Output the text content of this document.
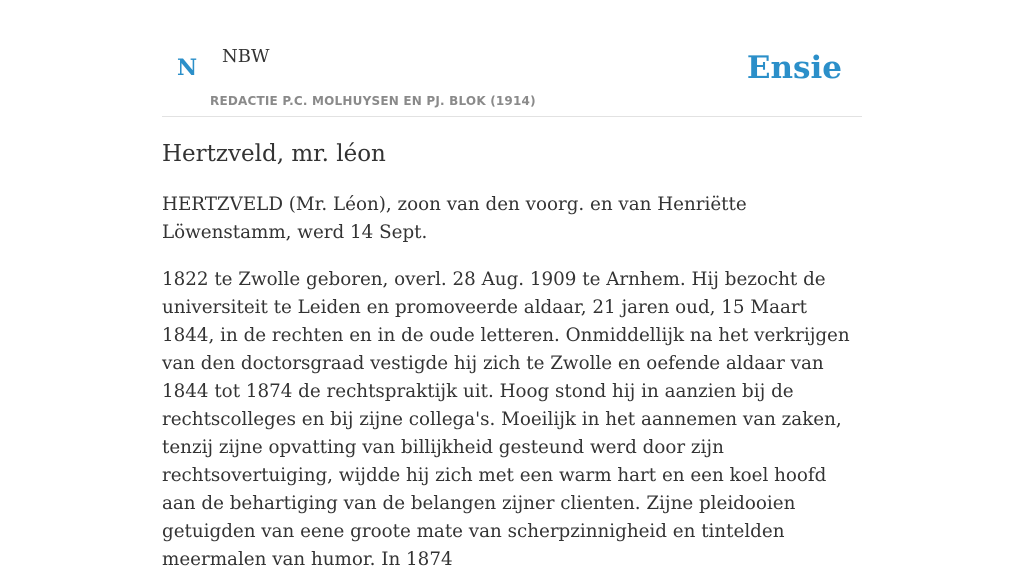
N NBW
REDACTIE P.C. MOLHUYSEN EN PJ. BLOK (1914)
Ensie
Hertzveld, mr. léon

HERTZVELD (Mr. Léon), zoon van den voorg. en van Henriëtte Löwenstamm, werd 14 Sept.

1822 te Zwolle geboren, overl. 28 Aug. 1909 te Arnhem. Hij bezocht de universiteit te Leiden en promoveerde aldaar, 21 jaren oud, 15 Maart 1844, in de rechten en in de oude letteren. Onmiddellijk na het verkrijgen van den doctorsgraad vestigde hij zich te Zwolle en oefende aldaar van 1844 tot 1874 de rechtspraktijk uit. Hoog stond hij in aanzien bij de rechtscolleges en bij zijne collega's. Moeilijk in het aannemen van zaken, tenzij zijne opvatting van billijkheid gesteund werd door zijn rechtsovertuiging, wijdde hij zich met een warm hart en een koel hoofd aan de behartiging van de belangen zijner clienten. Zijne pleidooien getuigden van eene groote mate van scherpzinnigheid en tintelden meermalen van humor. In 1874
